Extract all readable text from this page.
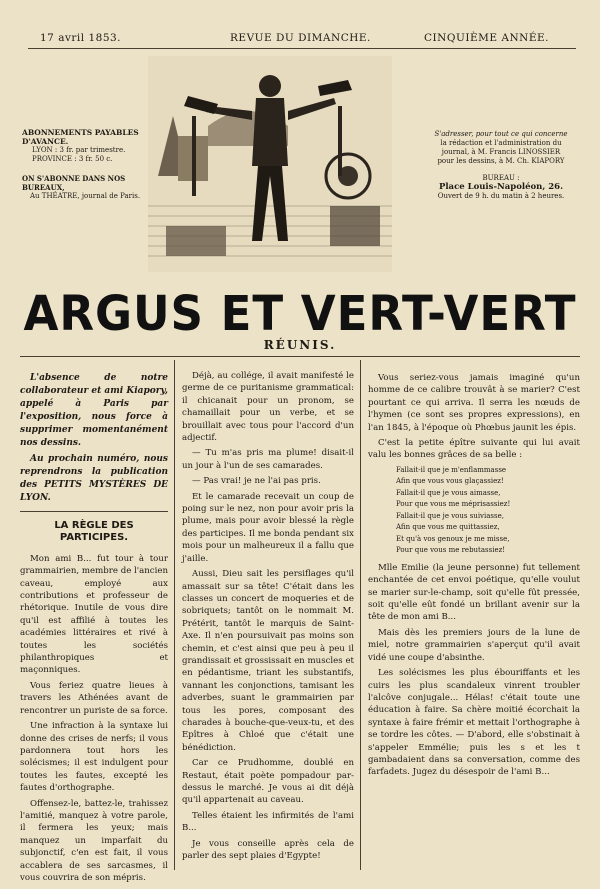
17 avril 1853.	REVUE DU DIMANCHE.	CINQUIÈME ANNÉE.
ABONNEMENTS PAYABLES D'AVANCE.
LYON : 3 fr. par trimestre.
PROVINCE : 3 fr. 50 c.
ON S'ABONNE DANS NOS BUREAUX,
Au THÉATRE, journal de Paris.
S'adresser, pour tout ce qui concerne
la rédaction et l'administration du
journal, à M. Francis LINOSSIER
pour les dessins, à M. Ch. KIAPORY
BUREAU :
Place Louis-Napoléon, 26.
Ouvert de 9 h. du matin à 2 heures.
ARGUS ET VERT-VERT
RÉUNIS.

L'absence de notre collaborateur et ami Kiapory, appelé à Paris par l'exposition, nous force à supprimer momentanément nos dessins.

Au prochain numéro, nous reprendrons la publication des PETITS MYSTÈRES DE LYON.

LA RÈGLE DES PARTICIPES.

Mon ami B... fut tour à tour grammairien, membre de l'ancien caveau, employé aux contributions et professeur de rhétorique. Inutile de vous dire qu'il est affilié à toutes les académies littéraires et rivé à toutes les sociétés philanthropiques et maçonniques.

Vous feriez quatre lieues à travers les Athénées avant de rencontrer un puriste de sa force.

Une infraction à la syntaxe lui donne des crises de nerfs; il vous pardonnera tout hors les solécismes; il est indulgent pour toutes les fautes, excepté les fautes d'orthographe.

Offensez-le, battez-le, trahissez l'amitié, manquez à votre parole, il fermera les yeux; mais manquez un imparfait du subjonctif, c'en est fait, il vous accablera de ses sarcasmes, il vous couvrira de son mépris.

Déjà, au collége, il avait manifesté le germe de ce puritanisme grammatical: il chicanait pour un pronom, se chamaillait pour un verbe, et se brouillait avec tous pour l'accord d'un adjectif.

— Tu m'as pris ma plume! disait-il un jour à l'un de ses camarades.

— Pas vrai! je ne l'ai pas pris.

Et le camarade recevait un coup de poing sur le nez, non pour avoir pris la plume, mais pour avoir blessé la règle des participes. Il me bonda pendant six mois pour un malheureux il a fallu que j'aille.

Aussi, Dieu sait les persiflages qu'il amassait sur sa tête! C'était dans les classes un concert de moqueries et de sobriquets; tantôt on le nommait M. Prétérit, tantôt le marquis de Saint-Axe. Il n'en poursuivait pas moins son chemin, et c'est ainsi que peu à peu il grandissait et grossissait en muscles et en pédantisme, triant les substantifs, vannant les conjonctions, tamisant les adverbes, suant le grammairien par tous les pores, composant des charades à bouche-que-veux-tu, et des Epîtres à Chloé que c'était une bénédiction.

Car ce Prudhomme, doublé en Restaut, était poète pompadour par-dessus le marché. Je vous ai dit déjà qu'il appartenait au caveau.

Telles étaient les infirmités de l'ami B...

Je vous conseille après cela de parler des sept plaies d'Egypte!

Vous seriez-vous jamais imaginé qu'un homme de ce calibre trouvât à se marier? C'est pourtant ce qui arriva. Il serra les nœuds de l'hymen (ce sont ses propres expressions), en l'an 1845, à l'époque où Phœbus jaunit les épis.

C'est la petite épître suivante qui lui avait valu les bonnes grâces de sa belle :

Fallait-il que je m'enflammasse
Afin que vous vous glaçassiez!
Fallait-il que je vous aimasse,
Pour que vous me méprisassiez!
Fallait-il que je vous suiviasse,
Afin que vous me quittassiez,
Et qu'à vos genoux je me misse,
Pour que vous me rebutassiez!

Mlle Emilie (la jeune personne) fut tellement enchantée de cet envoi poétique, qu'elle voulut se marier sur-le-champ, soit qu'elle fût pressée, soit qu'elle eût fondé un brillant avenir sur la tête de mon ami B...

Mais dès les premiers jours de la lune de miel, notre grammairien s'aperçut qu'il avait vidé une coupe d'absinthe.

Les solécismes les plus ébouriffants et les cuirs les plus scandaleux vinrent troubler l'alcôve conjugale... Hélas! c'était toute une éducation à faire. Sa chère moitié écorchait la syntaxe à faire frémir et mettait l'orthographe à se tordre les côtes. — D'abord, elle s'obstinait à s'appeler Emmélie; puis les s et les t gambadaient dans sa conversation, comme des farfadets. Jugez du désespoir de l'ami B...
